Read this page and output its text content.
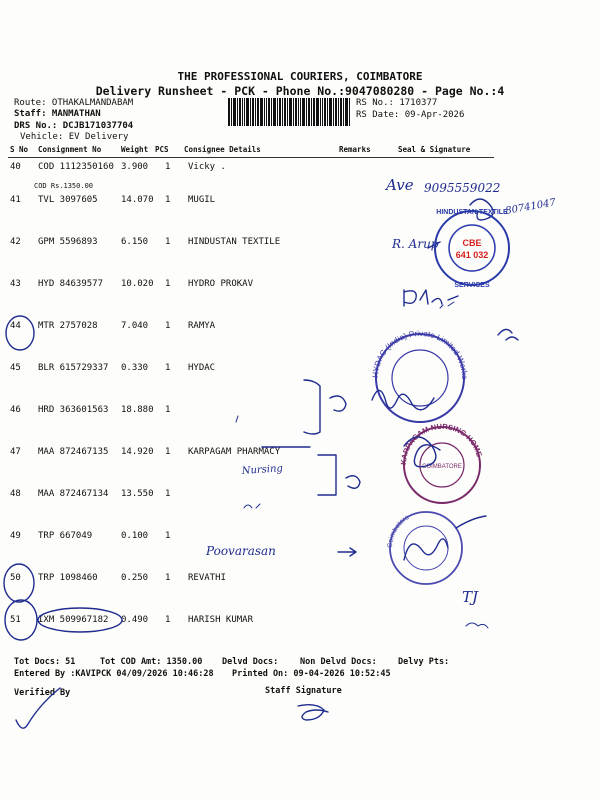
THE PROFESSIONAL COURIERS, COIMBATORE
Delivery Runsheet - PCK - Phone No.:9047080280 - Page No.:4
Route: OTHAKALMANDABAM
Staff: MANMATHAN
DRS No.: DCJB171037704
Vehicle: EV Delivery
RS No.: 1710377
RS Date: 09-Apr-2026
S No Consignment No	Weight PCS Consignee Details	Remarks	Seal & Signature
40 COD 1112350160 3.900 1 Vicky .
COD Rs.1350.00
41 TVL 3097605	14.070 1 MUGIL
42 GPM 5596893	6.150 1 HINDUSTAN TEXTILE
43 HYD 84639577 10.020 1 HYDRO PROKAV
44 MTR 2757028	7.040 1 RAMYA
45 BLR 615729337 0.330 1 HYDAC
46 HRD 363601563 18.880 1
47 MAA 872467135 14.920 1 KARPAGAM PHARMACY
48 MAA 872467134 13.550 1
49 TRP 667049	0.100 1
50 TRP 1098460	0.250 1 REVATHI
51 IXM 509967182 0.490 1 HARISH KUMAR
Tot Docs: 51	Tot COD Amt: 1350.00 Delvd Docs:	Non Delvd Docs: Delvy Pts:
Entered By :KAVIPCK 04/09/2026 10:46:28 Printed On: 09-04-2026 10:52:45
Verified By	Staff Signature
Ave 9095559022
80741047
R. Arup
HINDUSTAN TEXTILE
SERVICES
CBE
641 032
HYDAC (India) Private Limited Works
KARPAGAM NURSING HOME
COIMBATORE
Nursing
Poovarasan	Coimbatore
TJ
